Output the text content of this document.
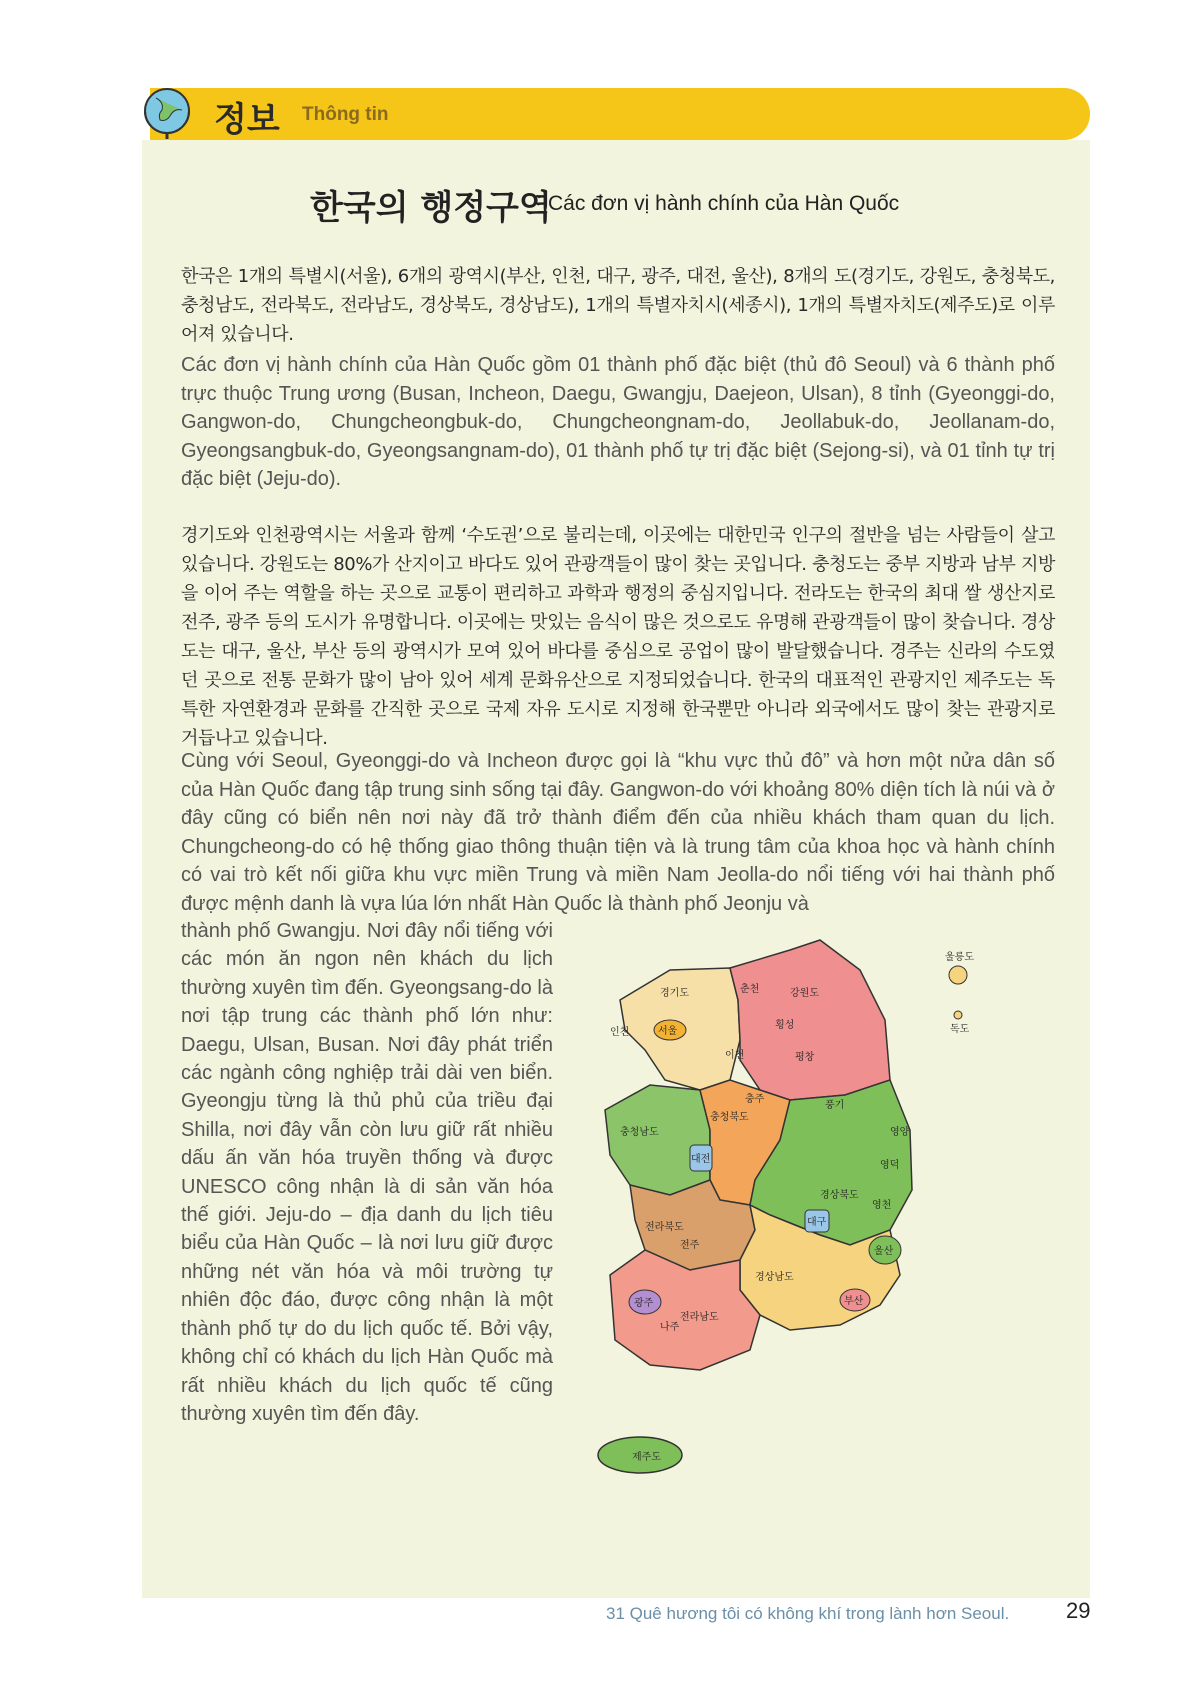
정보 Thông tin
한국의 행정구역
Các đơn vị hành chính của Hàn Quốc

한국은 1개의 특별시(서울), 6개의 광역시(부산, 인천, 대구, 광주, 대전, 울산), 8개의 도(경기도, 강원도, 충청북도, 충청남도, 전라북도, 전라남도, 경상북도, 경상남도), 1개의 특별자치시(세종시), 1개의 특별자치도(제주도)로 이루어져 있습니다.

Các đơn vị hành chính của Hàn Quốc gồm 01 thành phố đặc biệt (thủ đô Seoul) và 6 thành phố trực thuộc Trung ương (Busan, Incheon, Daegu, Gwangju, Daejeon, Ulsan), 8 tỉnh (Gyeonggi-do, Gangwon-do, Chungcheongbuk-do, Chungcheongnam-do, Jeollabuk-do, Jeollanam-do, Gyeongsangbuk-do, Gyeongsangnam-do), 01 thành phố tự trị đặc biệt (Sejong-si), và 01 tỉnh tự trị đặc biệt (Jeju-do).

경기도와 인천광역시는 서울과 함께 ‘수도권’으로 불리는데, 이곳에는 대한민국 인구의 절반을 넘는 사람들이 살고 있습니다. 강원도는 80%가 산지이고 바다도 있어 관광객들이 많이 찾는 곳입니다. 충청도는 중부 지방과 남부 지방을 이어 주는 역할을 하는 곳으로 교통이 편리하고 과학과 행정의 중심지입니다. 전라도는 한국의 최대 쌀 생산지로 전주, 광주 등의 도시가 유명합니다. 이곳에는 맛있는 음식이 많은 것으로도 유명해 관광객들이 많이 찾습니다. 경상도는 대구, 울산, 부산 등의 광역시가 모여 있어 바다를 중심으로 공업이 많이 발달했습니다. 경주는 신라의 수도였던 곳으로 전통 문화가 많이 남아 있어 세계 문화유산으로 지정되었습니다. 한국의 대표적인 관광지인 제주도는 독특한 자연환경과 문화를 간직한 곳으로 국제 자유 도시로 지정해 한국뿐만 아니라 외국에서도 많이 찾는 관광지로 거듭나고 있습니다.

Cùng với Seoul, Gyeonggi-do và Incheon được gọi là “khu vực thủ đô” và hơn một nửa dân số của Hàn Quốc đang tập trung sinh sống tại đây. Gangwon-do với khoảng 80% diện tích là núi và ở đây cũng có biển nên nơi này đã trở thành điểm đến của nhiều khách tham quan du lịch. Chungcheong-do có hệ thống giao thông thuận tiện và là trung tâm của khoa học và hành chính có vai trò kết nối giữa khu vực miền Trung và miền Nam Jeolla-do nổi tiếng với hai thành phố được mệnh danh là vựa lúa lớn nhất Hàn Quốc là thành phố Jeonju và

thành phố Gwangju. Nơi đây nổi tiếng với các món ăn ngon nên khách du lịch thường xuyên tìm đến. Gyeongsang-do là nơi tập trung các thành phố lớn như: Daegu, Ulsan, Busan. Nơi đây phát triển các ngành công nghiệp trải dài ven biển. Gyeongju từng là thủ phủ của triều đại Shilla, nơi đây vẫn còn lưu giữ rất nhiều dấu ấn văn hóa truyền thống và được UNESCO công nhận là di sản văn hóa thế giới. Jeju-do – địa danh du lịch tiêu biểu của Hàn Quốc – là nơi lưu giữ được những nét văn hóa và môi trường tự nhiên độc đáo, được công nhận là một thành phố tự do du lịch quốc tế. Bởi vậy, không chỉ có khách du lịch Hàn Quốc mà rất nhiều khách du lịch quốc tế cũng thường xuyên tìm đến đây.

경기도	강원도
충청남도
충청북도
경상북도
전라북도
경상남도
전라남도
제주도
서울
인천
대전
대구
울산
부산
광주
춘천
횡성
이천	평창
충주
풍기
영양
영덕
영천
전주
나주
울릉도
독도
31 Quê hương tôi có không khí trong lành hơn Seoul.	29
